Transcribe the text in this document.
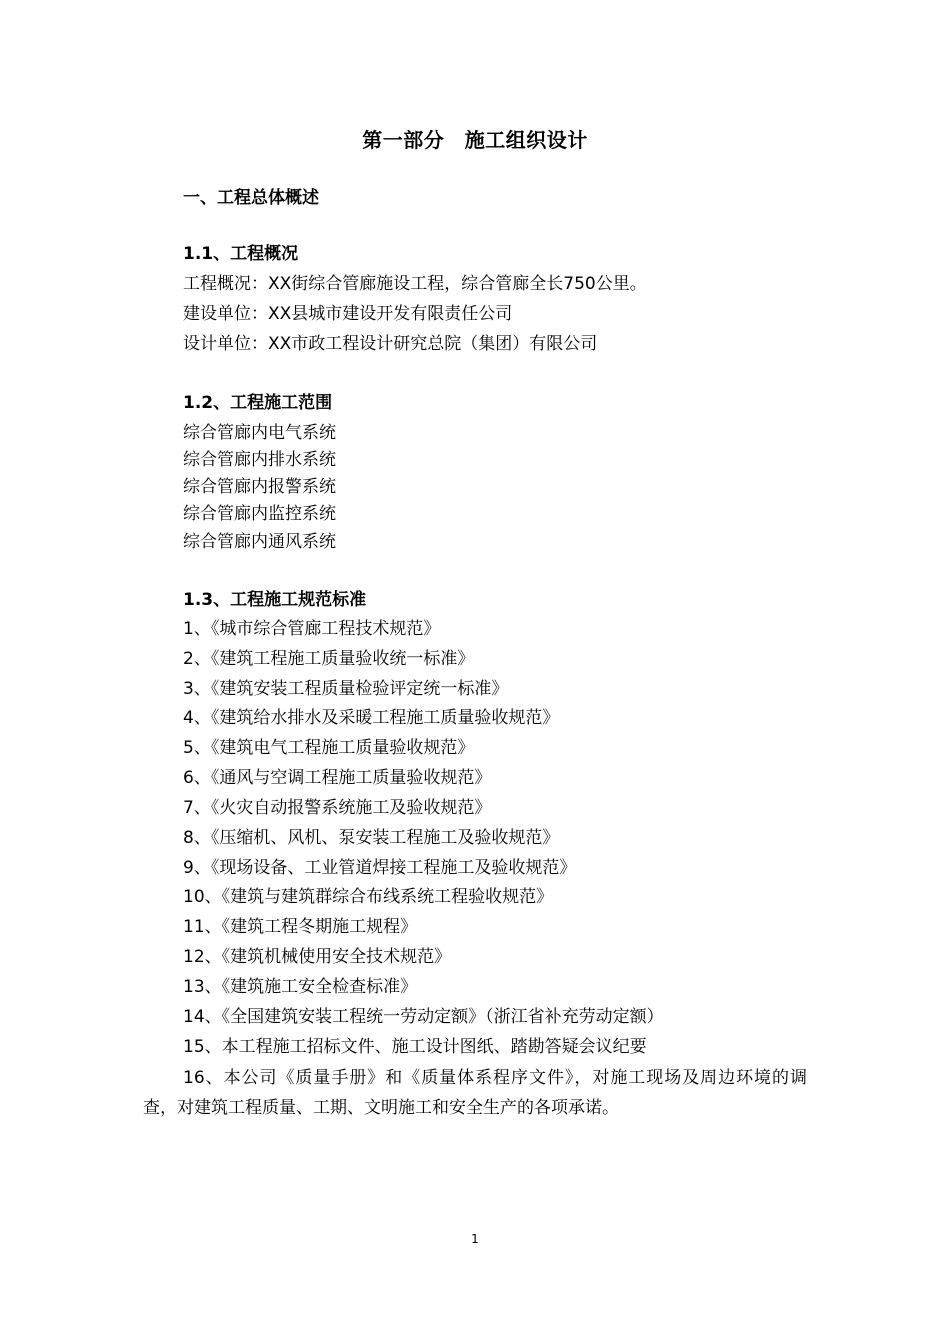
第一部分　施工组织设计
一、工程总体概述
1.1、工程概况
工程概况：XX街综合管廊施设工程，综合管廊全长750公里。
建设单位：XX县城市建设开发有限责任公司
设计单位：XX市政工程设计研究总院（集团）有限公司
1.2、工程施工范围
综合管廊内电气系统
综合管廊内排水系统
综合管廊内报警系统
综合管廊内监控系统
综合管廊内通风系统
1.3、工程施工规范标准
1、《城市综合管廊工程技术规范》
2、《建筑工程施工质量验收统一标准》
3、《建筑安装工程质量检验评定统一标准》
4、《建筑给水排水及采暖工程施工质量验收规范》
5、《建筑电气工程施工质量验收规范》
6、《通风与空调工程施工质量验收规范》
7、《火灾自动报警系统施工及验收规范》
8、《压缩机、风机、泵安装工程施工及验收规范》
9、《现场设备、工业管道焊接工程施工及验收规范》
10、《建筑与建筑群综合布线系统工程验收规范》
11、《建筑工程冬期施工规程》
12、《建筑机械使用安全技术规范》
13、《建筑施工安全检查标准》
14、《全国建筑安装工程统一劳动定额》（浙江省补充劳动定额）
15、本工程施工招标文件、施工设计图纸、踏勘答疑会议纪要
16、本公司《质量手册》和《质量体系程序文件》，对施工现场及周边环境的调查，对建筑工程质量、工期、文明施工和安全生产的各项承诺。
1
